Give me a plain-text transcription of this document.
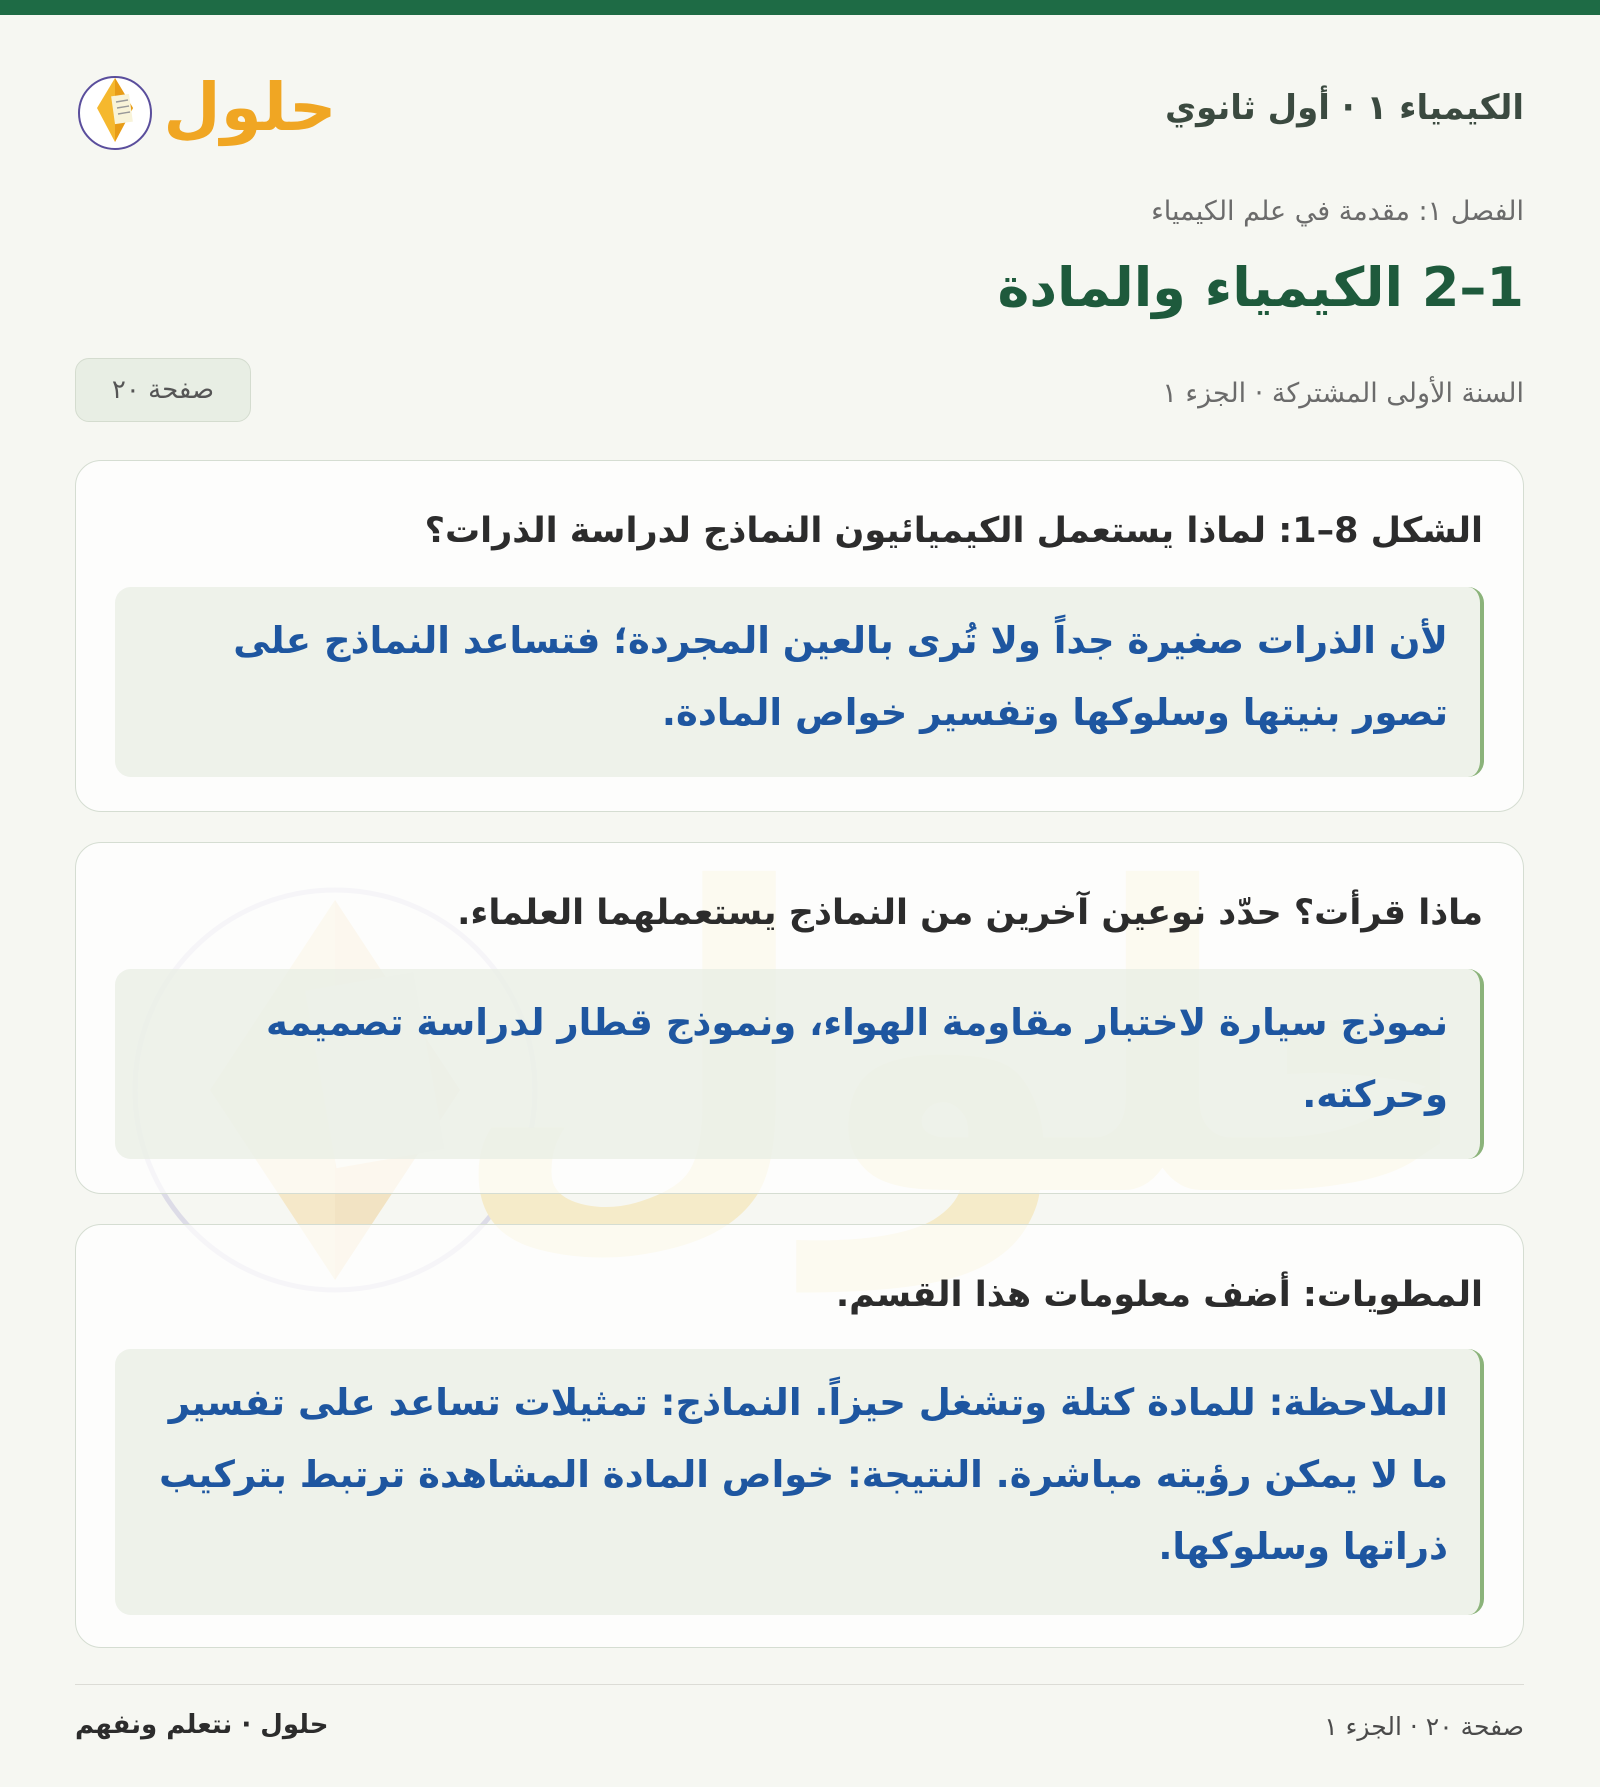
الكيمياء ١ · أول ثانوي
حلول
الفصل ١: مقدمة في علم الكيمياء
1–2 الكيمياء والمادة
السنة الأولى المشتركة · الجزء ١
صفحة ٢٠

الشكل 8–1: لماذا يستعمل الكيميائيون النماذج لدراسة الذرات؟

لأن الذرات صغيرة جداً ولا تُرى بالعين المجردة؛ فتساعد النماذج على تصور بنيتها وسلوكها وتفسير خواص المادة.

ماذا قرأت؟ حدّد نوعين آخرين من النماذج يستعملهما العلماء.

نموذج سيارة لاختبار مقاومة الهواء، ونموذج قطار لدراسة تصميمه وحركته.

المطويات: أضف معلومات هذا القسم.

الملاحظة: للمادة كتلة وتشغل حيزاً. النماذج: تمثيلات تساعد على تفسير ما لا يمكن رؤيته مباشرة. النتيجة: خواص المادة المشاهدة ترتبط بتركيب ذراتها وسلوكها.

صفحة ٢٠ · الجزء ١
حلول · نتعلم ونفهم
